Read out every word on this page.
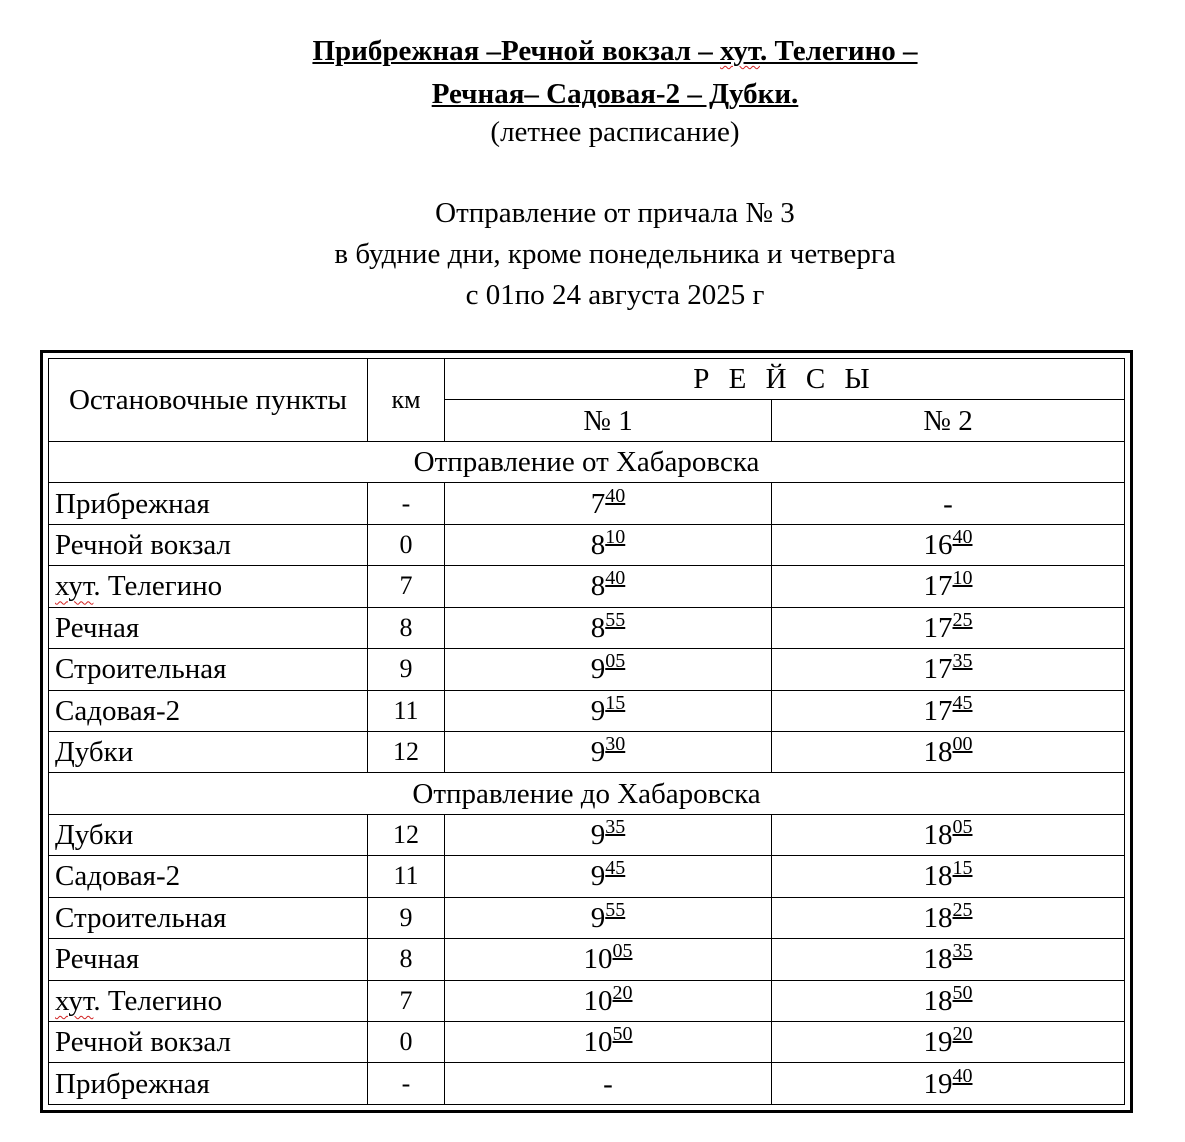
Прибрежная –Речной вокзал – хут. Телегино –
Речная– Садовая-2 – Дубки.
(летнее расписание)
Отправление от причала № 3
в будние дни, кроме понедельника и четверга
с 01по 24 августа 2025 г
Остановочные пункты	км	Р Е Й С Ы	
		№ 1	№ 2
Отправление от Хабаровска			
Прибрежная	-	$7^{40}$	-
Речной вокзал	0	$8^{10}$	$16^{40}$
хут. Телегино	7	$8^{40}$	$17^{10}$
Речная	8	$8^{55}$	$17^{25}$
Строительная	9	$9^{05}$	$17^{35}$
Садовая-2	11	$9^{15}$	$17^{45}$
Дубки	12	$9^{30}$	$18^{00}$
Отправление до Хабаровска			
Дубки	12	$9^{35}$	$18^{05}$
Садовая-2	11	$9^{45}$	$18^{15}$
Строительная	9	$9^{55}$	$18^{25}$
Речная	8	$10^{05}$	$18^{35}$
хут. Телегино	7	$10^{20}$	$18^{50}$
Речной вокзал	0	$10^{50}$	$19^{20}$
Прибрежная	-	-	$19^{40}$
